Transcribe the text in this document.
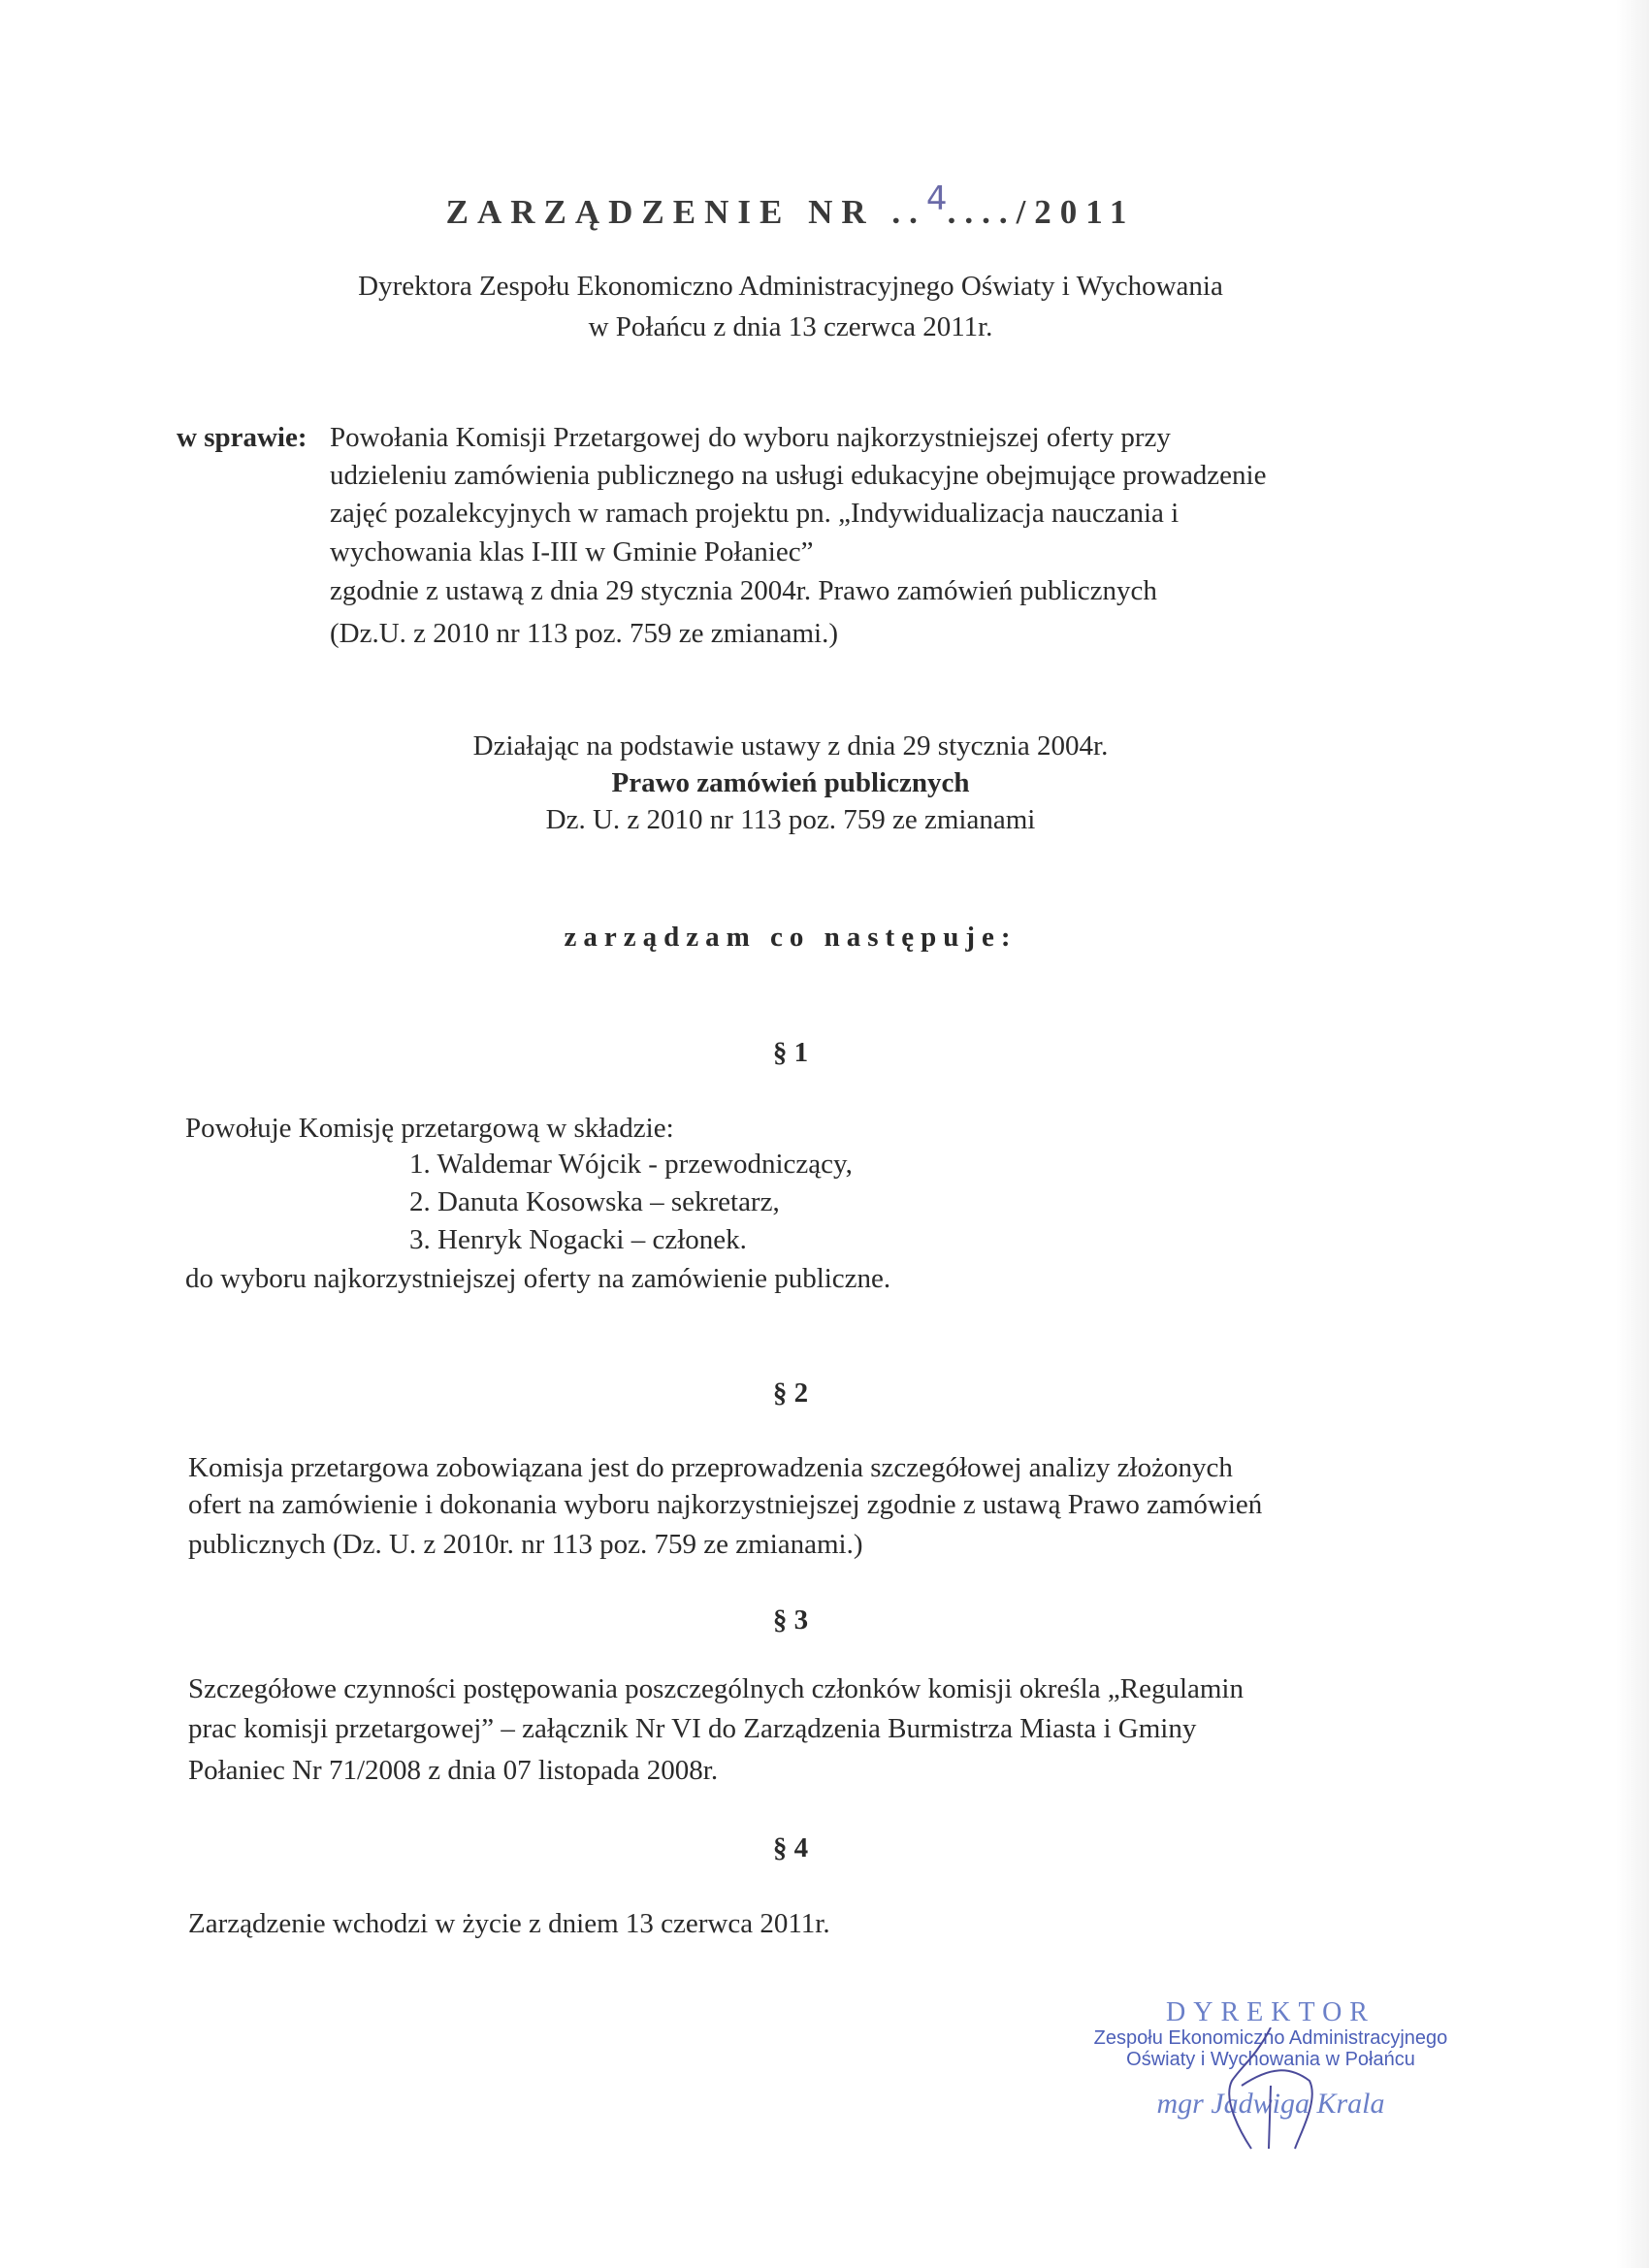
ZARZĄDZENIE NR ..4..../2011
Dyrektora Zespołu Ekonomiczno Administracyjnego Oświaty i Wychowania
w Połańcu z dnia 13 czerwca 2011r.
w sprawie: Powołania Komisji Przetargowej do wyboru najkorzystniejszej oferty przy
udzieleniu zamówienia publicznego na usługi edukacyjne obejmujące prowadzenie
zajęć pozalekcyjnych w ramach projektu pn. „Indywidualizacja nauczania i
wychowania klas I-III w Gminie Połaniec”
zgodnie z ustawą z dnia 29 stycznia 2004r. Prawo zamówień publicznych
(Dz.U. z 2010 nr 113 poz. 759 ze zmianami.)
Działając na podstawie ustawy z dnia 29 stycznia 2004r.
Prawo zamówień publicznych
Dz. U. z 2010 nr 113 poz. 759 ze zmianami
zarządzam co następuje:
§ 1
Powołuje Komisję przetargową w składzie:
1. Waldemar Wójcik - przewodniczący,
2. Danuta Kosowska – sekretarz,
3. Henryk Nogacki – członek.
do wyboru najkorzystniejszej oferty na zamówienie publiczne.
§ 2
Komisja przetargowa zobowiązana jest do przeprowadzenia szczegółowej analizy złożonych
ofert na zamówienie i dokonania wyboru najkorzystniejszej zgodnie z ustawą Prawo zamówień
publicznych (Dz. U. z 2010r. nr 113 poz. 759 ze zmianami.)
§ 3
Szczegółowe czynności postępowania poszczególnych członków komisji określa „Regulamin
prac komisji przetargowej” – załącznik Nr VI do Zarządzenia Burmistrza Miasta i Gminy
Połaniec Nr 71/2008 z dnia 07 listopada 2008r.
§ 4
Zarządzenie wchodzi w życie z dniem 13 czerwca 2011r.
DYREKTOR
Zespołu Ekonomiczno Administracyjnego
Oświaty i Wychowania w Połańcu
mgr Jadwiga Krala
